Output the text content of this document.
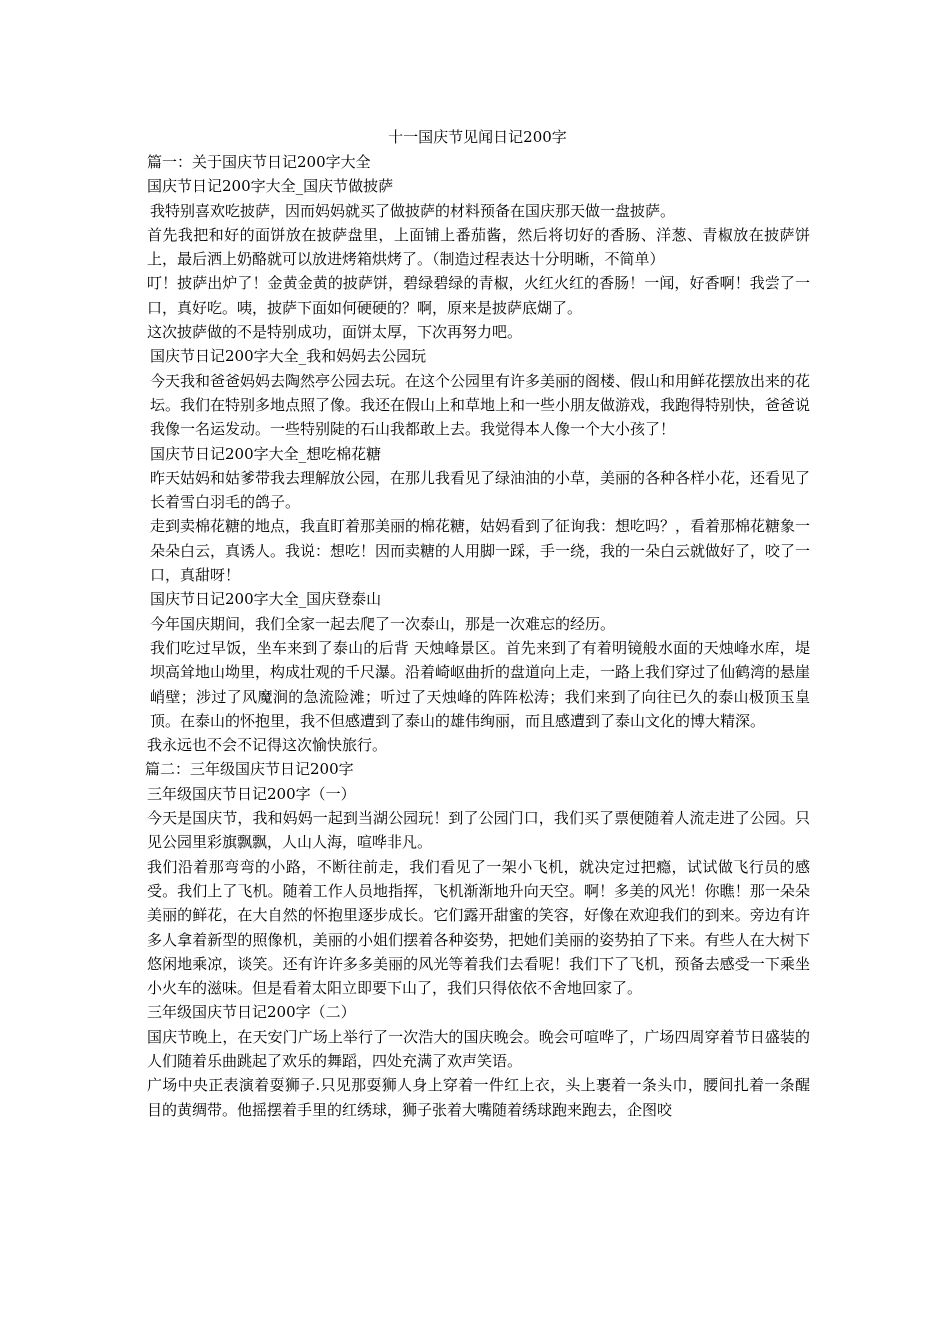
十一国庆节见闻日记200字

篇一：关于国庆节日记200字大全

国庆节日记200字大全_国庆节做披萨

我特别喜欢吃披萨，因而妈妈就买了做披萨的材料预备在国庆那天做一盘披萨。

首先我把和好的面饼放在披萨盘里，上面铺上番茄酱，然后将切好的香肠、洋葱、青椒放在披萨饼上，最后洒上奶酪就可以放进烤箱烘烤了。（制造过程表达十分明晰，不简单）

叮！披萨出炉了！金黄金黄的披萨饼，碧绿碧绿的青椒，火红火红的香肠！一闻，好香啊！我尝了一口，真好吃。咦，披萨下面如何硬硬的？啊，原来是披萨底煳了。

这次披萨做的不是特别成功，面饼太厚，下次再努力吧。

国庆节日记200字大全_我和妈妈去公园玩

今天我和爸爸妈妈去陶然亭公园去玩。在这个公园里有许多美丽的阁楼、假山和用鲜花摆放出来的花坛。我们在特别多地点照了像。我还在假山上和草地上和一些小朋友做游戏，我跑得特别快，爸爸说我像一名运发动。一些特别陡的石山我都敢上去。我觉得本人像一个大小孩了！

国庆节日记200字大全_想吃棉花糖

昨天姑妈和姑爹带我去理解放公园，在那儿我看见了绿油油的小草，美丽的各种各样小花，还看见了长着雪白羽毛的鸽子。

走到卖棉花糖的地点，我直盯着那美丽的棉花糖，姑妈看到了征询我：想吃吗？，看着那棉花糖象一朵朵白云，真诱人。我说：想吃！因而卖糖的人用脚一踩，手一绕，我的一朵白云就做好了，咬了一口，真甜呀！

国庆节日记200字大全_国庆登泰山

今年国庆期间，我们全家一起去爬了一次泰山，那是一次难忘的经历。

我们吃过早饭，坐车来到了泰山的后背 天烛峰景区。首先来到了有着明镜般水面的天烛峰水库，堤坝高耸地山坳里，构成壮观的千尺瀑。沿着崎岖曲折的盘道向上走，一路上我们穿过了仙鹤湾的悬崖峭壁；涉过了风魔涧的急流险滩；听过了天烛峰的阵阵松涛；我们来到了向往已久的泰山极顶玉皇顶。在泰山的怀抱里，我不但感遭到了泰山的雄伟绚丽，而且感遭到了泰山文化的博大精深。

我永远也不会不记得这次愉快旅行。

篇二：三年级国庆节日记200字

三年级国庆节日记200字（一）

今天是国庆节，我和妈妈一起到当湖公园玩！到了公园门口，我们买了票便随着人流走进了公园。只见公园里彩旗飘飘，人山人海，喧哗非凡。

我们沿着那弯弯的小路，不断往前走，我们看见了一架小飞机，就决定过把瘾，试试做飞行员的感受。我们上了飞机。随着工作人员地指挥，飞机渐渐地升向天空。啊！多美的风光！你瞧！那一朵朵美丽的鲜花，在大自然的怀抱里逐步成长。它们露开甜蜜的笑容，好像在欢迎我们的到来。旁边有许多人拿着新型的照像机，美丽的小姐们摆着各种姿势，把她们美丽的姿势拍了下来。有些人在大树下悠闲地乘凉，谈笑。还有许许多多美丽的风光等着我们去看呢！我们下了飞机，预备去感受一下乘坐小火车的滋味。但是看着太阳立即要下山了，我们只得依依不舍地回家了。

三年级国庆节日记200字（二）

国庆节晚上，在天安门广场上举行了一次浩大的国庆晚会。晚会可喧哗了，广场四周穿着节日盛装的人们随着乐曲跳起了欢乐的舞蹈，四处充满了欢声笑语。

广场中央正表演着耍狮子.只见那耍狮人身上穿着一件红上衣，头上裹着一条头巾，腰间扎着一条醒目的黄绸带。他摇摆着手里的红绣球，狮子张着大嘴随着绣球跑来跑去，企图咬
